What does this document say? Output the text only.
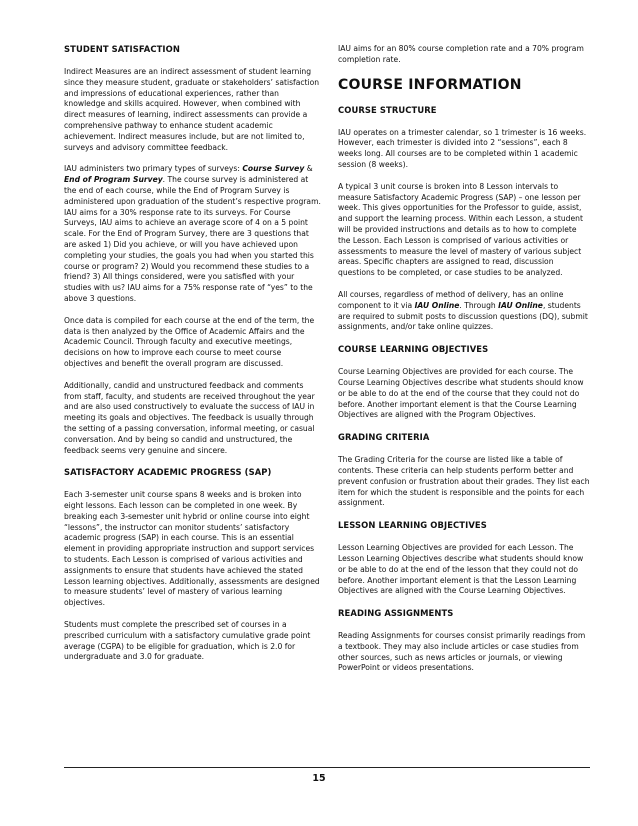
STUDENT SATISFACTION

Indirect Measures are an indirect assessment of student learning since they measure student, graduate or stakeholders’ satisfaction and impressions of educational experiences, rather than knowledge and skills acquired. However, when combined with direct measures of learning, indirect assessments can provide a comprehensive pathway to enhance student academic achievement. Indirect measures include, but are not limited to, surveys and advisory committee feedback.

IAU administers two primary types of surveys: Course Survey & End of Program Survey. The course survey is administered at the end of each course, while the End of Program Survey is administered upon graduation of the student’s respective program. IAU aims for a 30% response rate to its surveys. For Course Surveys, IAU aims to achieve an average score of 4 on a 5 point scale. For the End of Program Survey, there are 3 questions that are asked 1) Did you achieve, or will you have achieved upon completing your studies, the goals you had when you started this course or program? 2) Would you recommend these studies to a friend? 3) All things considered, were you satisfied with your studies with us? IAU aims for a 75% response rate of “yes” to the above 3 questions.

Once data is compiled for each course at the end of the term, the data is then analyzed by the Office of Academic Affairs and the Academic Council. Through faculty and executive meetings, decisions on how to improve each course to meet course objectives and benefit the overall program are discussed.

Additionally, candid and unstructured feedback and comments from staff, faculty, and students are received throughout the year and are also used constructively to evaluate the success of IAU in meeting its goals and objectives. The feedback is usually through the setting of a passing conversation, informal meeting, or casual conversation. And by being so candid and unstructured, the feedback seems very genuine and sincere.

SATISFACTORY ACADEMIC PROGRESS (SAP)

Each 3-semester unit course spans 8 weeks and is broken into eight lessons. Each lesson can be completed in one week. By breaking each 3-semester unit hybrid or online course into eight “lessons”, the instructor can monitor students’ satisfactory academic progress (SAP) in each course. This is an essential element in providing appropriate instruction and support services to students. Each Lesson is comprised of various activities and assignments to ensure that students have achieved the stated Lesson learning objectives. Additionally, assessments are designed to measure students’ level of mastery of various learning objectives.

Students must complete the prescribed set of courses in a prescribed curriculum with a satisfactory cumulative grade point average (CGPA) to be eligible for graduation, which is 2.0 for undergraduate and 3.0 for graduate.

IAU aims for an 80% course completion rate and a 70% program completion rate.

COURSE INFORMATION
COURSE STRUCTURE

IAU operates on a trimester calendar, so 1 trimester is 16 weeks. However, each trimester is divided into 2 “sessions”, each 8 weeks long. All courses are to be completed within 1 academic session (8 weeks).

A typical 3 unit course is broken into 8 Lesson intervals to measure Satisfactory Academic Progress (SAP) – one lesson per week. This gives opportunities for the Professor to guide, assist, and support the learning process. Within each Lesson, a student will be provided instructions and details as to how to complete the Lesson. Each Lesson is comprised of various activities or assessments to measure the level of mastery of various subject areas. Specific chapters are assigned to read, discussion questions to be completed, or case studies to be analyzed.

All courses, regardless of method of delivery, has an online component to it via IAU Online. Through IAU Online, students are required to submit posts to discussion questions (DQ), submit assignments, and/or take online quizzes.

COURSE LEARNING OBJECTIVES

Course Learning Objectives are provided for each course. The Course Learning Objectives describe what students should know or be able to do at the end of the course that they could not do before. Another important element is that the Course Learning Objectives are aligned with the Program Objectives.

GRADING CRITERIA

The Grading Criteria for the course are listed like a table of contents. These criteria can help students perform better and prevent confusion or frustration about their grades. They list each item for which the student is responsible and the points for each assignment.

LESSON LEARNING OBJECTIVES

Lesson Learning Objectives are provided for each Lesson. The Lesson Learning Objectives describe what students should know or be able to do at the end of the lesson that they could not do before. Another important element is that the Lesson Learning Objectives are aligned with the Course Learning Objectives.

READING ASSIGNMENTS

Reading Assignments for courses consist primarily readings from a textbook. They may also include articles or case studies from other sources, such as news articles or journals, or viewing PowerPoint or videos presentations.

15
